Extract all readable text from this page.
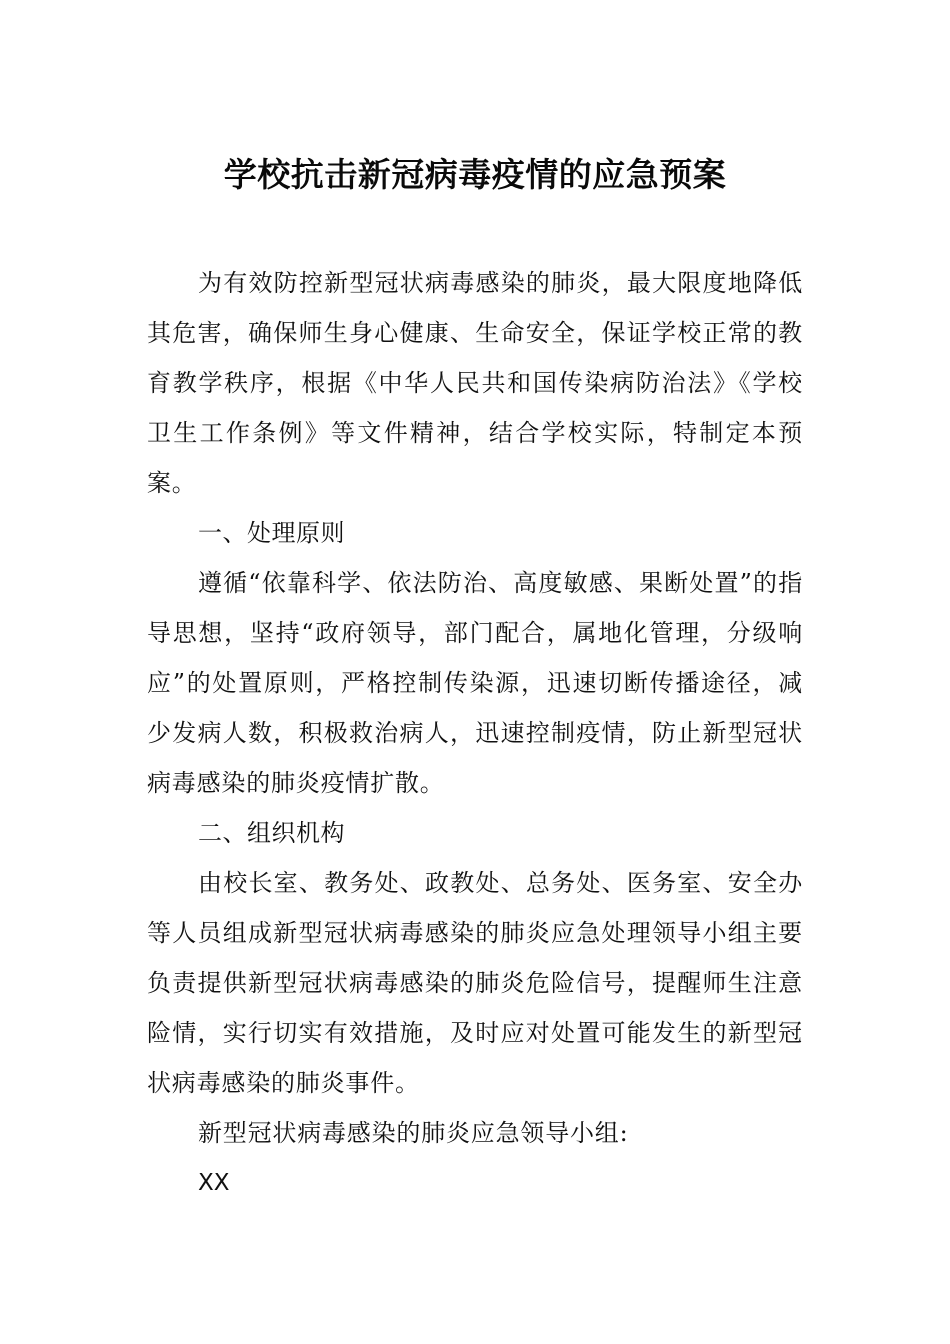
学校抗击新冠病毒疫情的应急预案

为有效防控新型冠状病毒感染的肺炎，最大限度地降低其危害，确保师生身心健康、生命安全，保证学校正常的教育教学秩序，根据《中华人民共和国传染病防治法》《学校卫生工作条例》等文件精神，结合学校实际，特制定本预案。

一、处理原则

遵循“依靠科学、依法防治、高度敏感、果断处置”的指导思想，坚持“政府领导，部门配合，属地化管理，分级响应”的处置原则，严格控制传染源，迅速切断传播途径，减少发病人数，积极救治病人，迅速控制疫情，防止新型冠状病毒感染的肺炎疫情扩散。

二、组织机构

由校长室、教务处、政教处、总务处、医务室、安全办等人员组成新型冠状病毒感染的肺炎应急处理领导小组主要负责提供新型冠状病毒感染的肺炎危险信号，提醒师生注意险情，实行切实有效措施，及时应对处置可能发生的新型冠状病毒感染的肺炎事件。

新型冠状病毒感染的肺炎应急领导小组:

XX
